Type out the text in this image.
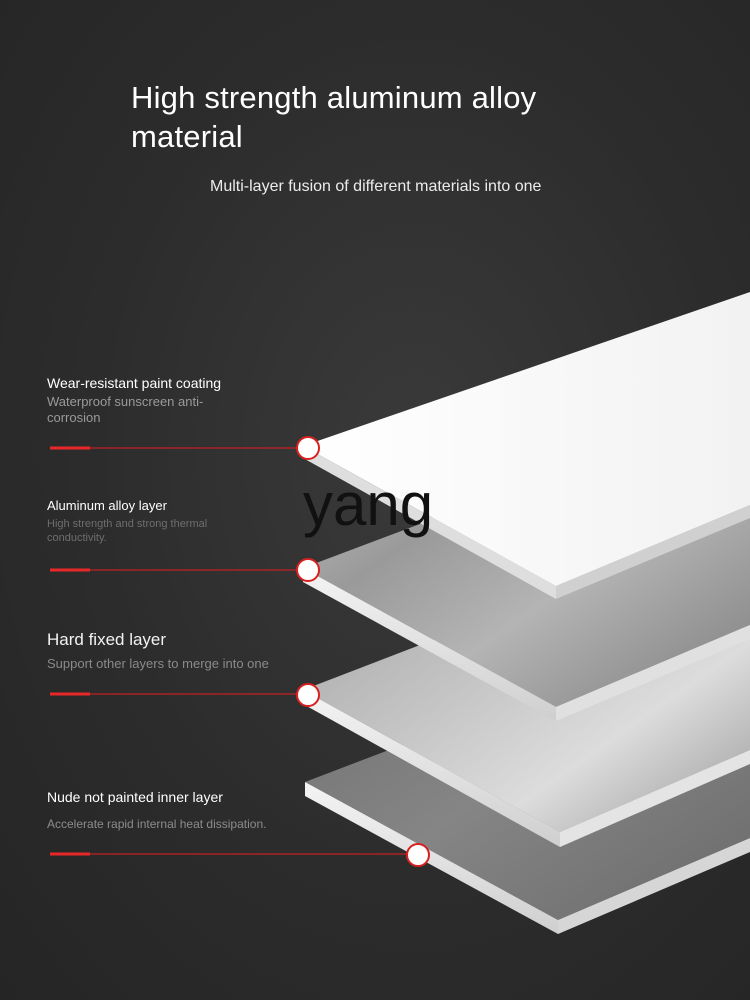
High strength aluminum alloy material
Multi-layer fusion of different materials into one
yang
Wear-resistant paint coating
Waterproof sunscreen anti-corrosion
Aluminum alloy layer
High strength and strong thermal conductivity.
Hard fixed layer
Support other layers to merge into one
Nude not painted inner layer
Accelerate rapid internal heat dissipation.
